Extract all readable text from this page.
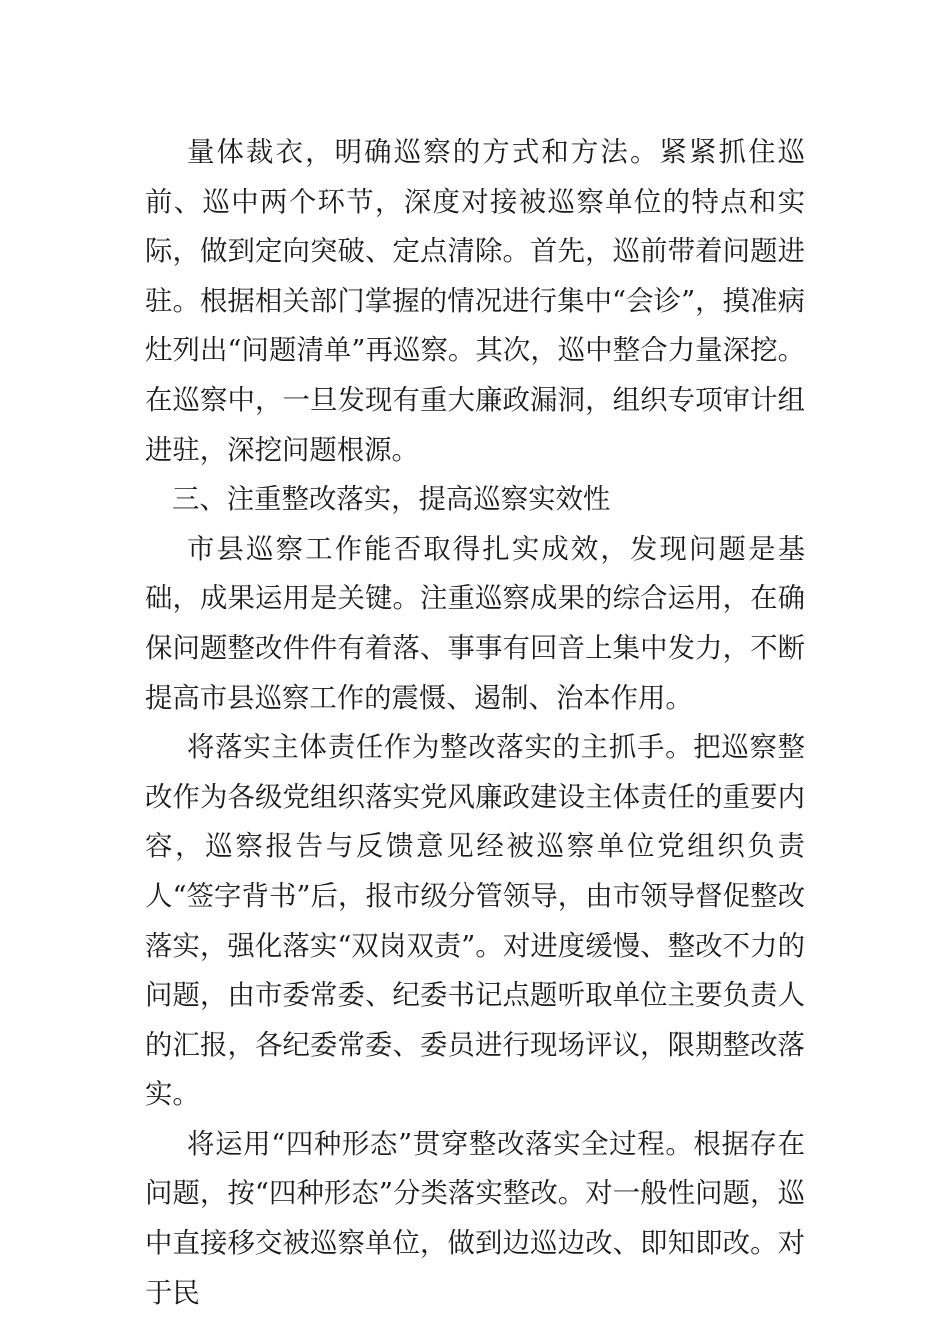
量体裁衣，明确巡察的方式和方法。紧紧抓住巡前、巡中两个环节，深度对接被巡察单位的特点和实际，做到定向突破、定点清除。首先，巡前带着问题进驻。根据相关部门掌握的情况进行集中“会诊”，摸准病灶列出“问题清单”再巡察。其次，巡中整合力量深挖。在巡察中，一旦发现有重大廉政漏洞，组织专项审计组进驻，深挖问题根源。

三、注重整改落实，提高巡察实效性

市县巡察工作能否取得扎实成效，发现问题是基础，成果运用是关键。注重巡察成果的综合运用，在确保问题整改件件有着落、事事有回音上集中发力，不断提高市县巡察工作的震慑、遏制、治本作用。

将落实主体责任作为整改落实的主抓手。把巡察整改作为各级党组织落实党风廉政建设主体责任的重要内容，巡察报告与反馈意见经被巡察单位党组织负责人“签字背书”后，报市级分管领导，由市领导督促整改落实，强化落实“双岗双责”。对进度缓慢、整改不力的问题，由市委常委、纪委书记点题听取单位主要负责人的汇报，各纪委常委、委员进行现场评议，限期整改落实。

将运用“四种形态”贯穿整改落实全过程。根据存在问题，按“四种形态”分类落实整改。对一般性问题，巡中直接移交被巡察单位，做到边巡边改、即知即改。对于民
